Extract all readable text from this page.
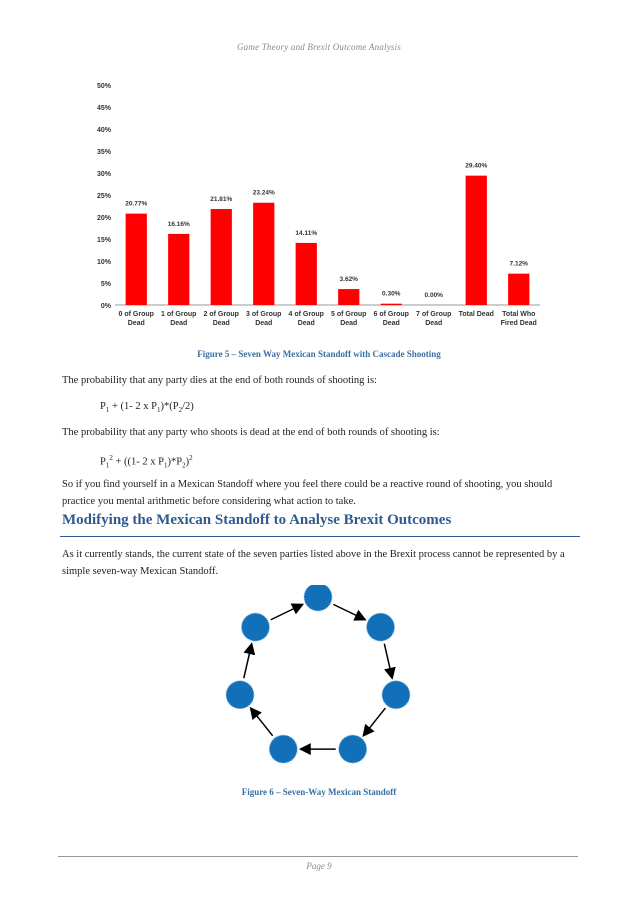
Game Theory and Brexit Outcome Analysis
0%
5%
10%
15%
20%
25%
30%
35%
40%
45%
50%
20.77%
0 of Group
Dead
16.16%
1 of Group
Dead
21.81%
2 of Group
Dead
23.24%
3 of Group
Dead
14.11%
4 of Group
Dead
3.62%
5 of Group
Dead
0.30%
6 of Group
Dead
0.00%
7 of Group
Dead
29.40%
Total Dead
7.12%
Total Who
Fired Dead
Figure 5 – Seven Way Mexican Standoff with Cascade Shooting
The probability that any party dies at the end of both rounds of shooting is:
$P_1 + (1-$ 2 x $P_1)*(P_2/2)$
The probability that any party who shoots is dead at the end of both rounds of shooting is:
$P_1^2 + ((1-$ 2 x $P_1)*P_2)^2$
So if you find yourself in a Mexican Standoff where you feel there could be a reactive round of shooting, you should practice you mental arithmetic before considering what action to take.
Modifying the Mexican Standoff to Analyse Brexit Outcomes
As it currently stands, the current state of the seven parties listed above in the Brexit process cannot be represented by a simple seven-way Mexican Standoff.
Figure 6 – Seven-Way Mexican Standoff
Page 9
